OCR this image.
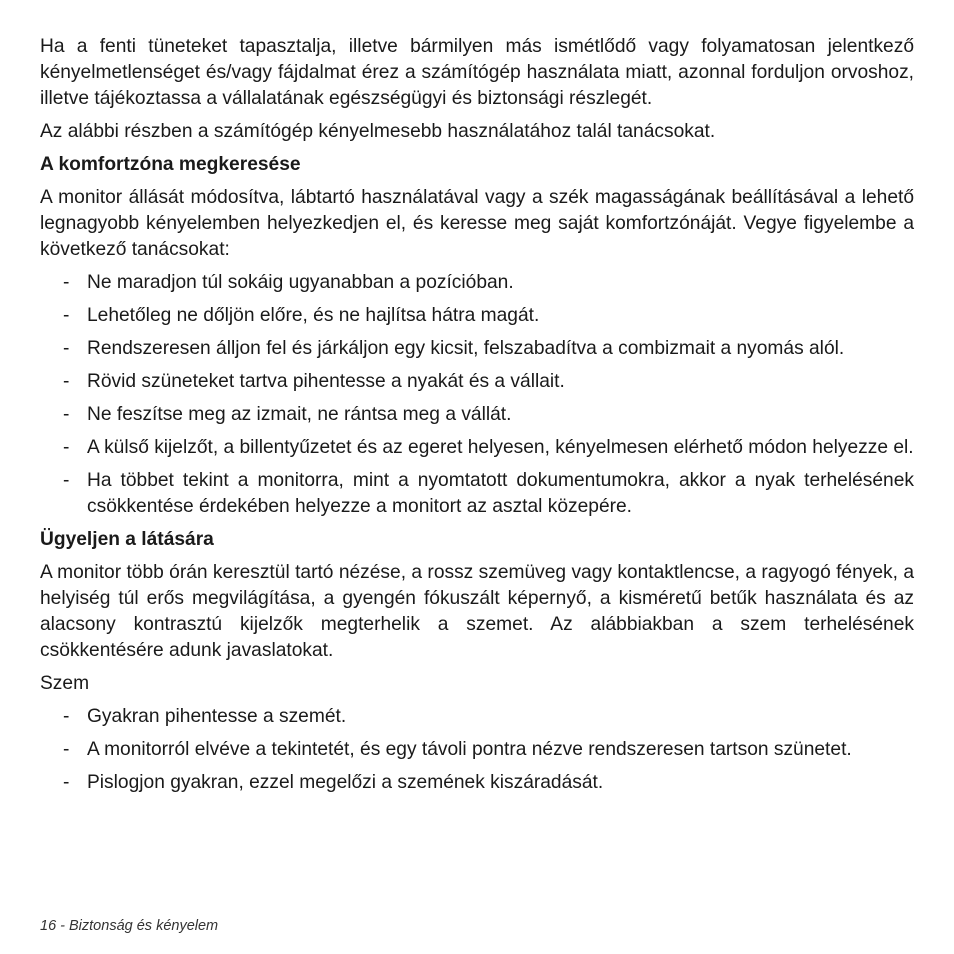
Ha a fenti tüneteket tapasztalja, illetve bármilyen más ismétlődő vagy folyamatosan jelentkező kényelmetlenséget és/vagy fájdalmat érez a számítógép használata miatt, azonnal forduljon orvoshoz, illetve tájékoztassa a vállalatának egészségügyi és biztonsági részlegét.

Az alábbi részben a számítógép kényelmesebb használatához talál tanácsokat.

A komfortzóna megkeresése

A monitor állását módosítva, lábtartó használatával vagy a szék magasságának beállításával a lehető legnagyobb kényelemben helyezkedjen el, és keresse meg saját komfortzónáját. Vegye figyelembe a következő tanácsokat:

- Ne maradjon túl sokáig ugyanabban a pozícióban.
- Lehetőleg ne dőljön előre, és ne hajlítsa hátra magát.
- Rendszeresen álljon fel és járkáljon egy kicsit, felszabadítva a combizmait a nyomás alól.
- Rövid szüneteket tartva pihentesse a nyakát és a vállait.
- Ne feszítse meg az izmait, ne rántsa meg a vállát.
- A külső kijelzőt, a billentyűzetet és az egeret helyesen, kényelmesen elérhető módon helyezze el.
- Ha többet tekint a monitorra, mint a nyomtatott dokumentumokra, akkor a nyak terhelésének csökkentése érdekében helyezze a monitort az asztal közepére.
Ügyeljen a látására

A monitor több órán keresztül tartó nézése, a rossz szemüveg vagy kontaktlencse, a ragyogó fények, a helyiség túl erős megvilágítása, a gyengén fókuszált képernyő, a kisméretű betűk használata és az alacsony kontrasztú kijelzők megterhelik a szemet. Az alábbiakban a szem terhelésének csökkentésére adunk javaslatokat.

Szem

- Gyakran pihentesse a szemét.
- A monitorról elvéve a tekintetét, és egy távoli pontra nézve rendszeresen tartson szünetet.
- Pislogjon gyakran, ezzel megelőzi a szemének kiszáradását.
16 - Biztonság és kényelem
